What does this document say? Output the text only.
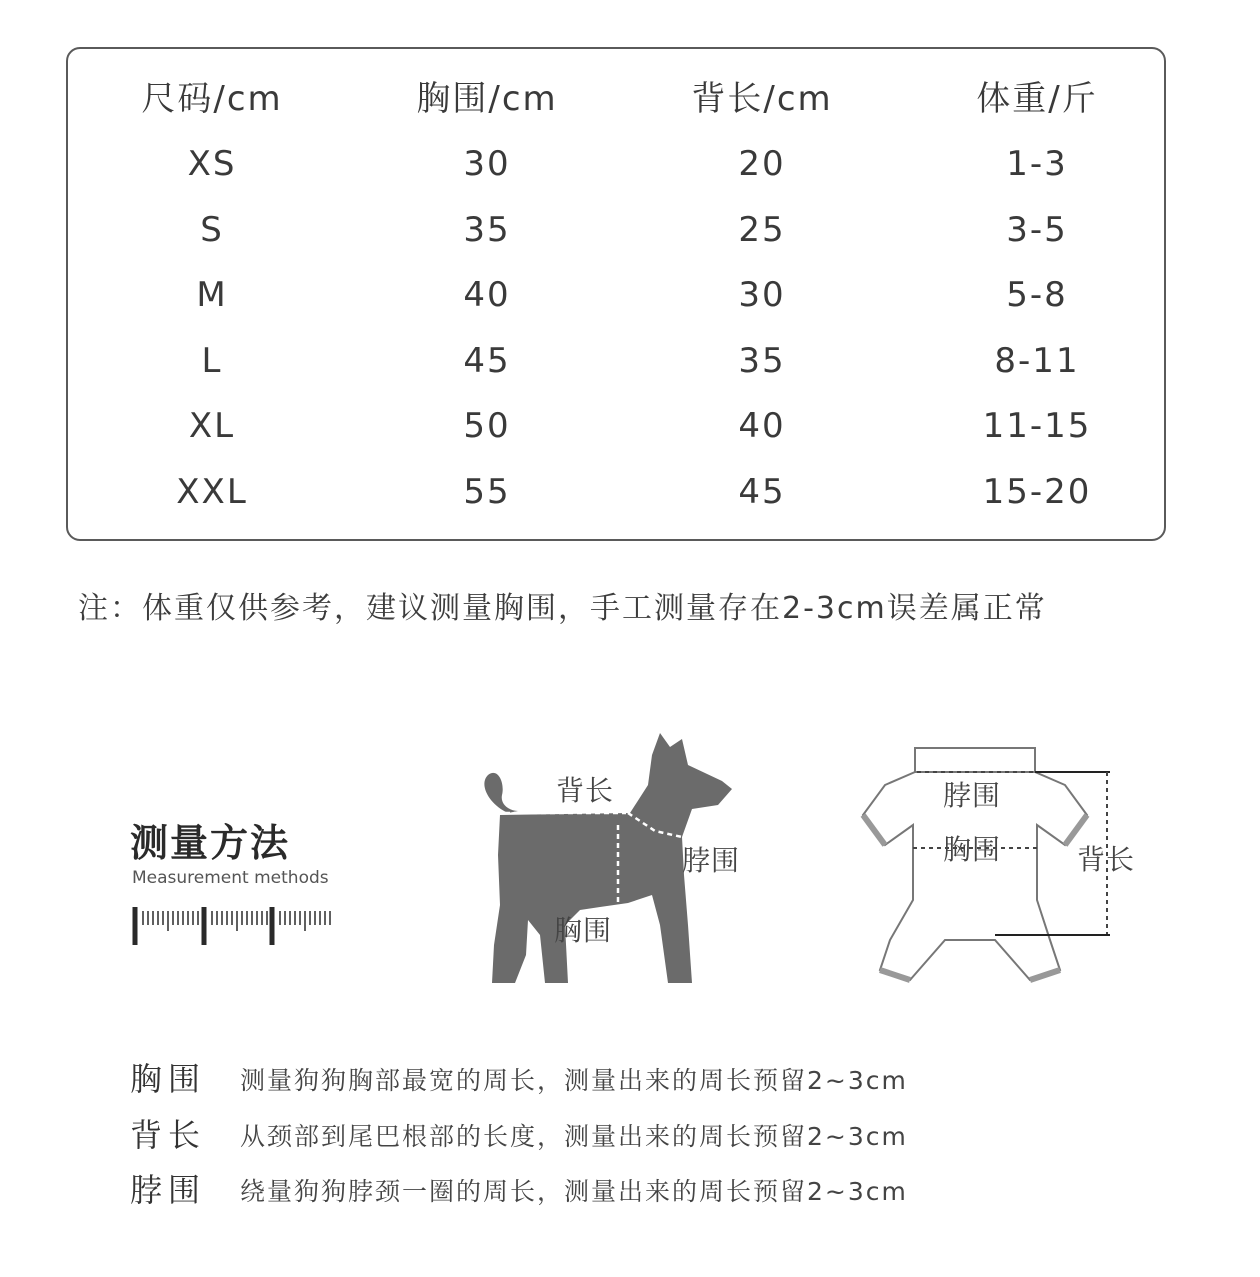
尺码/cm	胸围/cm	背长/cm	体重/斤
XS	30	20	1-3
S	35	25	3-5
M	40	30	5-8
L	45	35	8-11
XL	50	40	11-15
XXL	55	45	15-20
注：体重仅供参考，建议测量胸围，手工测量存在2-3cm误差属正常
测量方法
Measurement methods
背长
脖围
胸围
脖围
胸围	背长
胸围 测量狗狗胸部最宽的周长，测量出来的周长预留2~3cm
背长 从颈部到尾巴根部的长度，测量出来的周长预留2~3cm
脖围 绕量狗狗脖颈一圈的周长，测量出来的周长预留2~3cm
